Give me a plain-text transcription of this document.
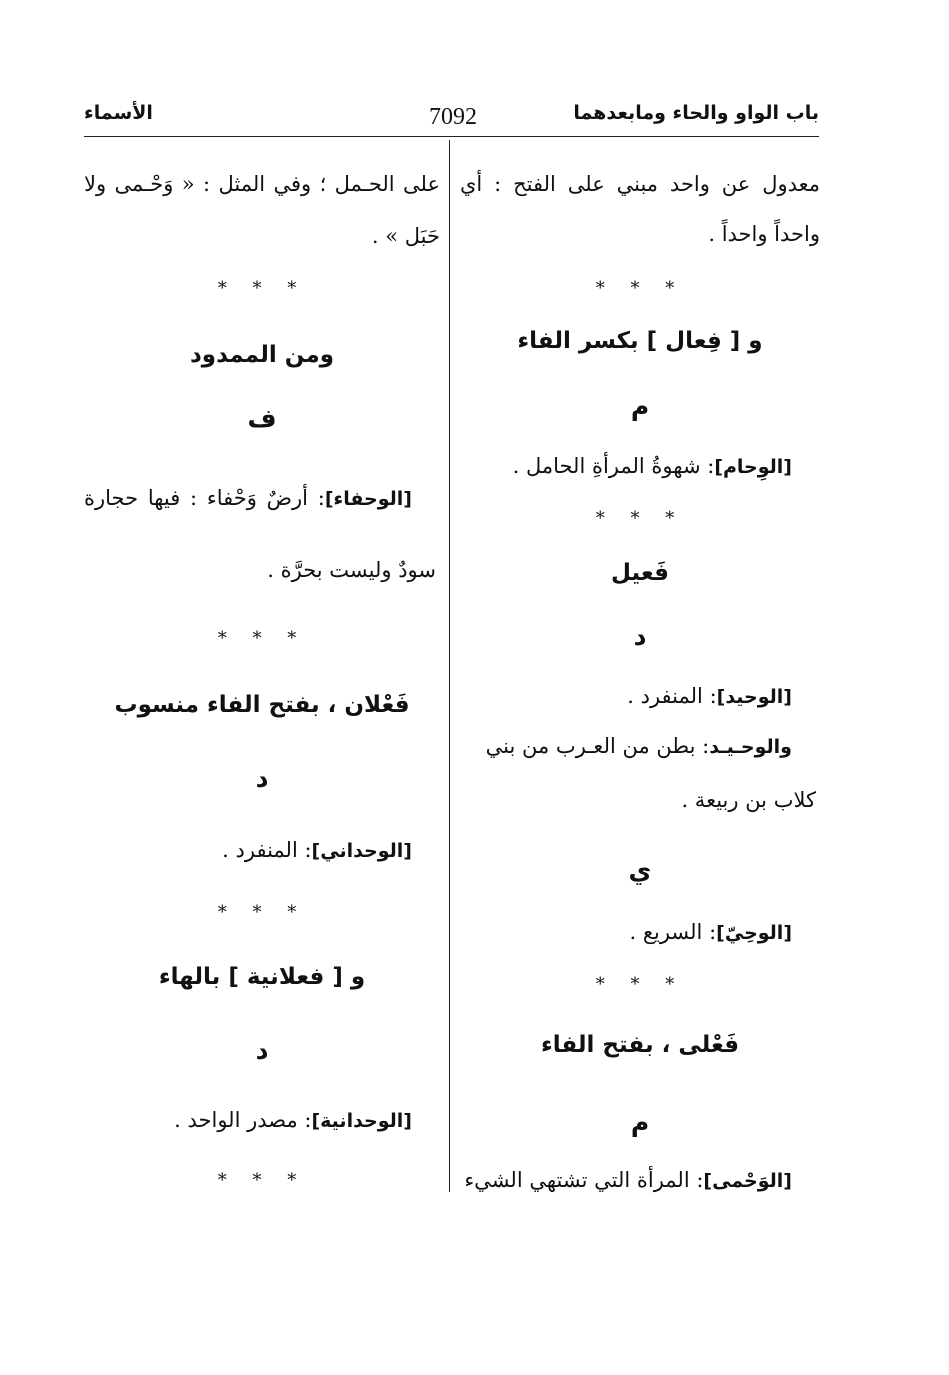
باب الواو والحاء ومابعدهما
7092
الأسماء
معدول عن واحد مبني على الفتح : أي
واحداً واحداً .
* * *
و [ فِعال ] بكسر الفاء
م
[الوِحام]: شهوةُ المرأةِ الحامل .
* * *
فَعيل
د
[الوحيد]: المنفرد .
والوحـيـد: بطن من العـرب من بني
كلاب بن ربيعة .
ي
[الوحِيّ]: السريع .
* * *
فَعْلى ، بفتح الفاء
م
[الوَحْمى]: المرأة التي تشتهي الشيء
على الحـمل ؛ وفي المثل : « وَحْـمى ولا
حَبَل » .
* * *
ومن الممدود
ف
[الوحفاء]: أرضٌ وَحْفاء : فيها حجارة
سودٌ وليست بحرَّة .
* * *
فَعْلان ، بفتح الفاء منسوب
د
[الوحداني]: المنفرد .
* * *
و [ فعلانية ] بالهاء
د
[الوحدانية]: مصدر الواحد .
* * *
